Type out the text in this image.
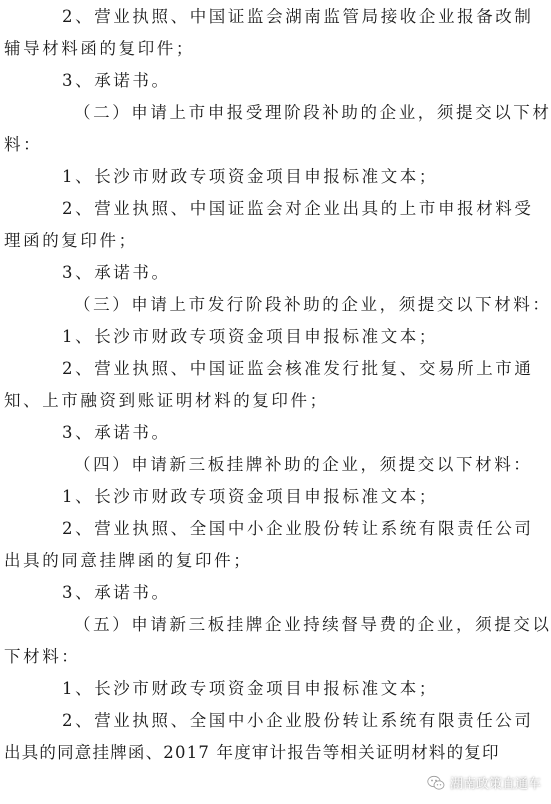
2、营业执照、中国证监会湖南监管局接收企业报备改制
辅导材料函的复印件；
3、承诺书。
（二）申请上市申报受理阶段补助的企业，须提交以下材
料：
1、长沙市财政专项资金项目申报标准文本；
2、营业执照、中国证监会对企业出具的上市申报材料受
理函的复印件；
3、承诺书。
（三）申请上市发行阶段补助的企业，须提交以下材料：
1、长沙市财政专项资金项目申报标准文本；
2、营业执照、中国证监会核准发行批复、交易所上市通
知、上市融资到账证明材料的复印件；
3、承诺书。
（四）申请新三板挂牌补助的企业，须提交以下材料：
1、长沙市财政专项资金项目申报标准文本；
2、营业执照、全国中小企业股份转让系统有限责任公司
出具的同意挂牌函的复印件；
3、承诺书。
（五）申请新三板挂牌企业持续督导费的企业，须提交以
下材料：
1、长沙市财政专项资金项目申报标准文本；
2、营业执照、全国中小企业股份转让系统有限责任公司
出具的同意挂牌函、2017 年度审计报告等相关证明材料的复印
湖南政策直通车
